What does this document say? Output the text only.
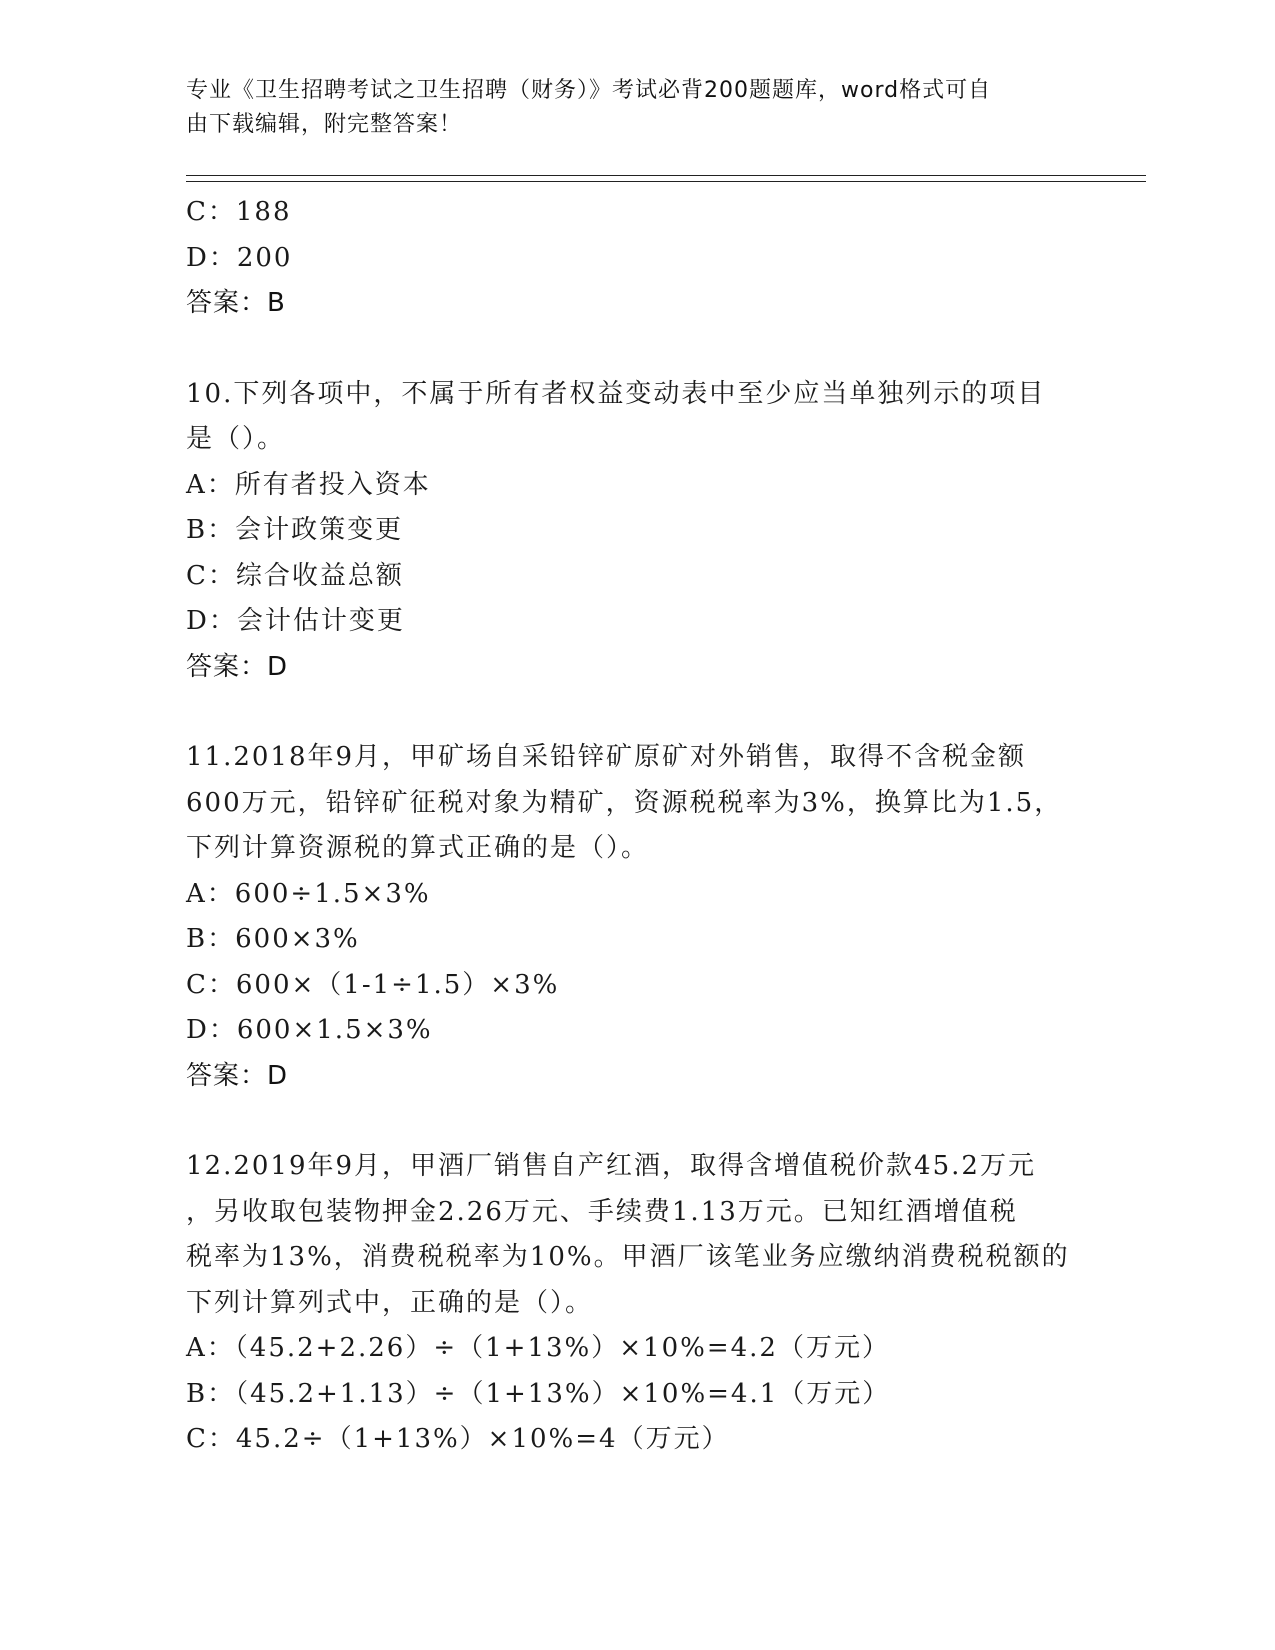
专业《卫生招聘考试之卫生招聘（财务）》考试必背200题题库，word格式可自
由下载编辑，附完整答案！
C：188
D：200
答案：B
10.下列各项中，不属于所有者权益变动表中至少应当单独列示的项目
是（）。
A：所有者投入资本
B：会计政策变更
C：综合收益总额
D：会计估计变更
答案：D
11.2018年9月，甲矿场自采铅锌矿原矿对外销售，取得不含税金额
600万元，铅锌矿征税对象为精矿，资源税税率为3%，换算比为1.5，
下列计算资源税的算式正确的是（）。
A：600÷1.5×3%
B：600×3%
C：600×（1-1÷1.5）×3%
D：600×1.5×3%
答案：D
12.2019年9月，甲酒厂销售自产红酒，取得含增值税价款45.2万元
，另收取包装物押金2.26万元、手续费1.13万元。已知红酒增值税
税率为13%，消费税税率为10%。甲酒厂该笔业务应缴纳消费税税额的
下列计算列式中，正确的是（）。
A：（45.2+2.26）÷（1+13%）×10%=4.2（万元）
B：（45.2+1.13）÷（1+13%）×10%=4.1（万元）
C：45.2÷（1+13%）×10%=4（万元）
